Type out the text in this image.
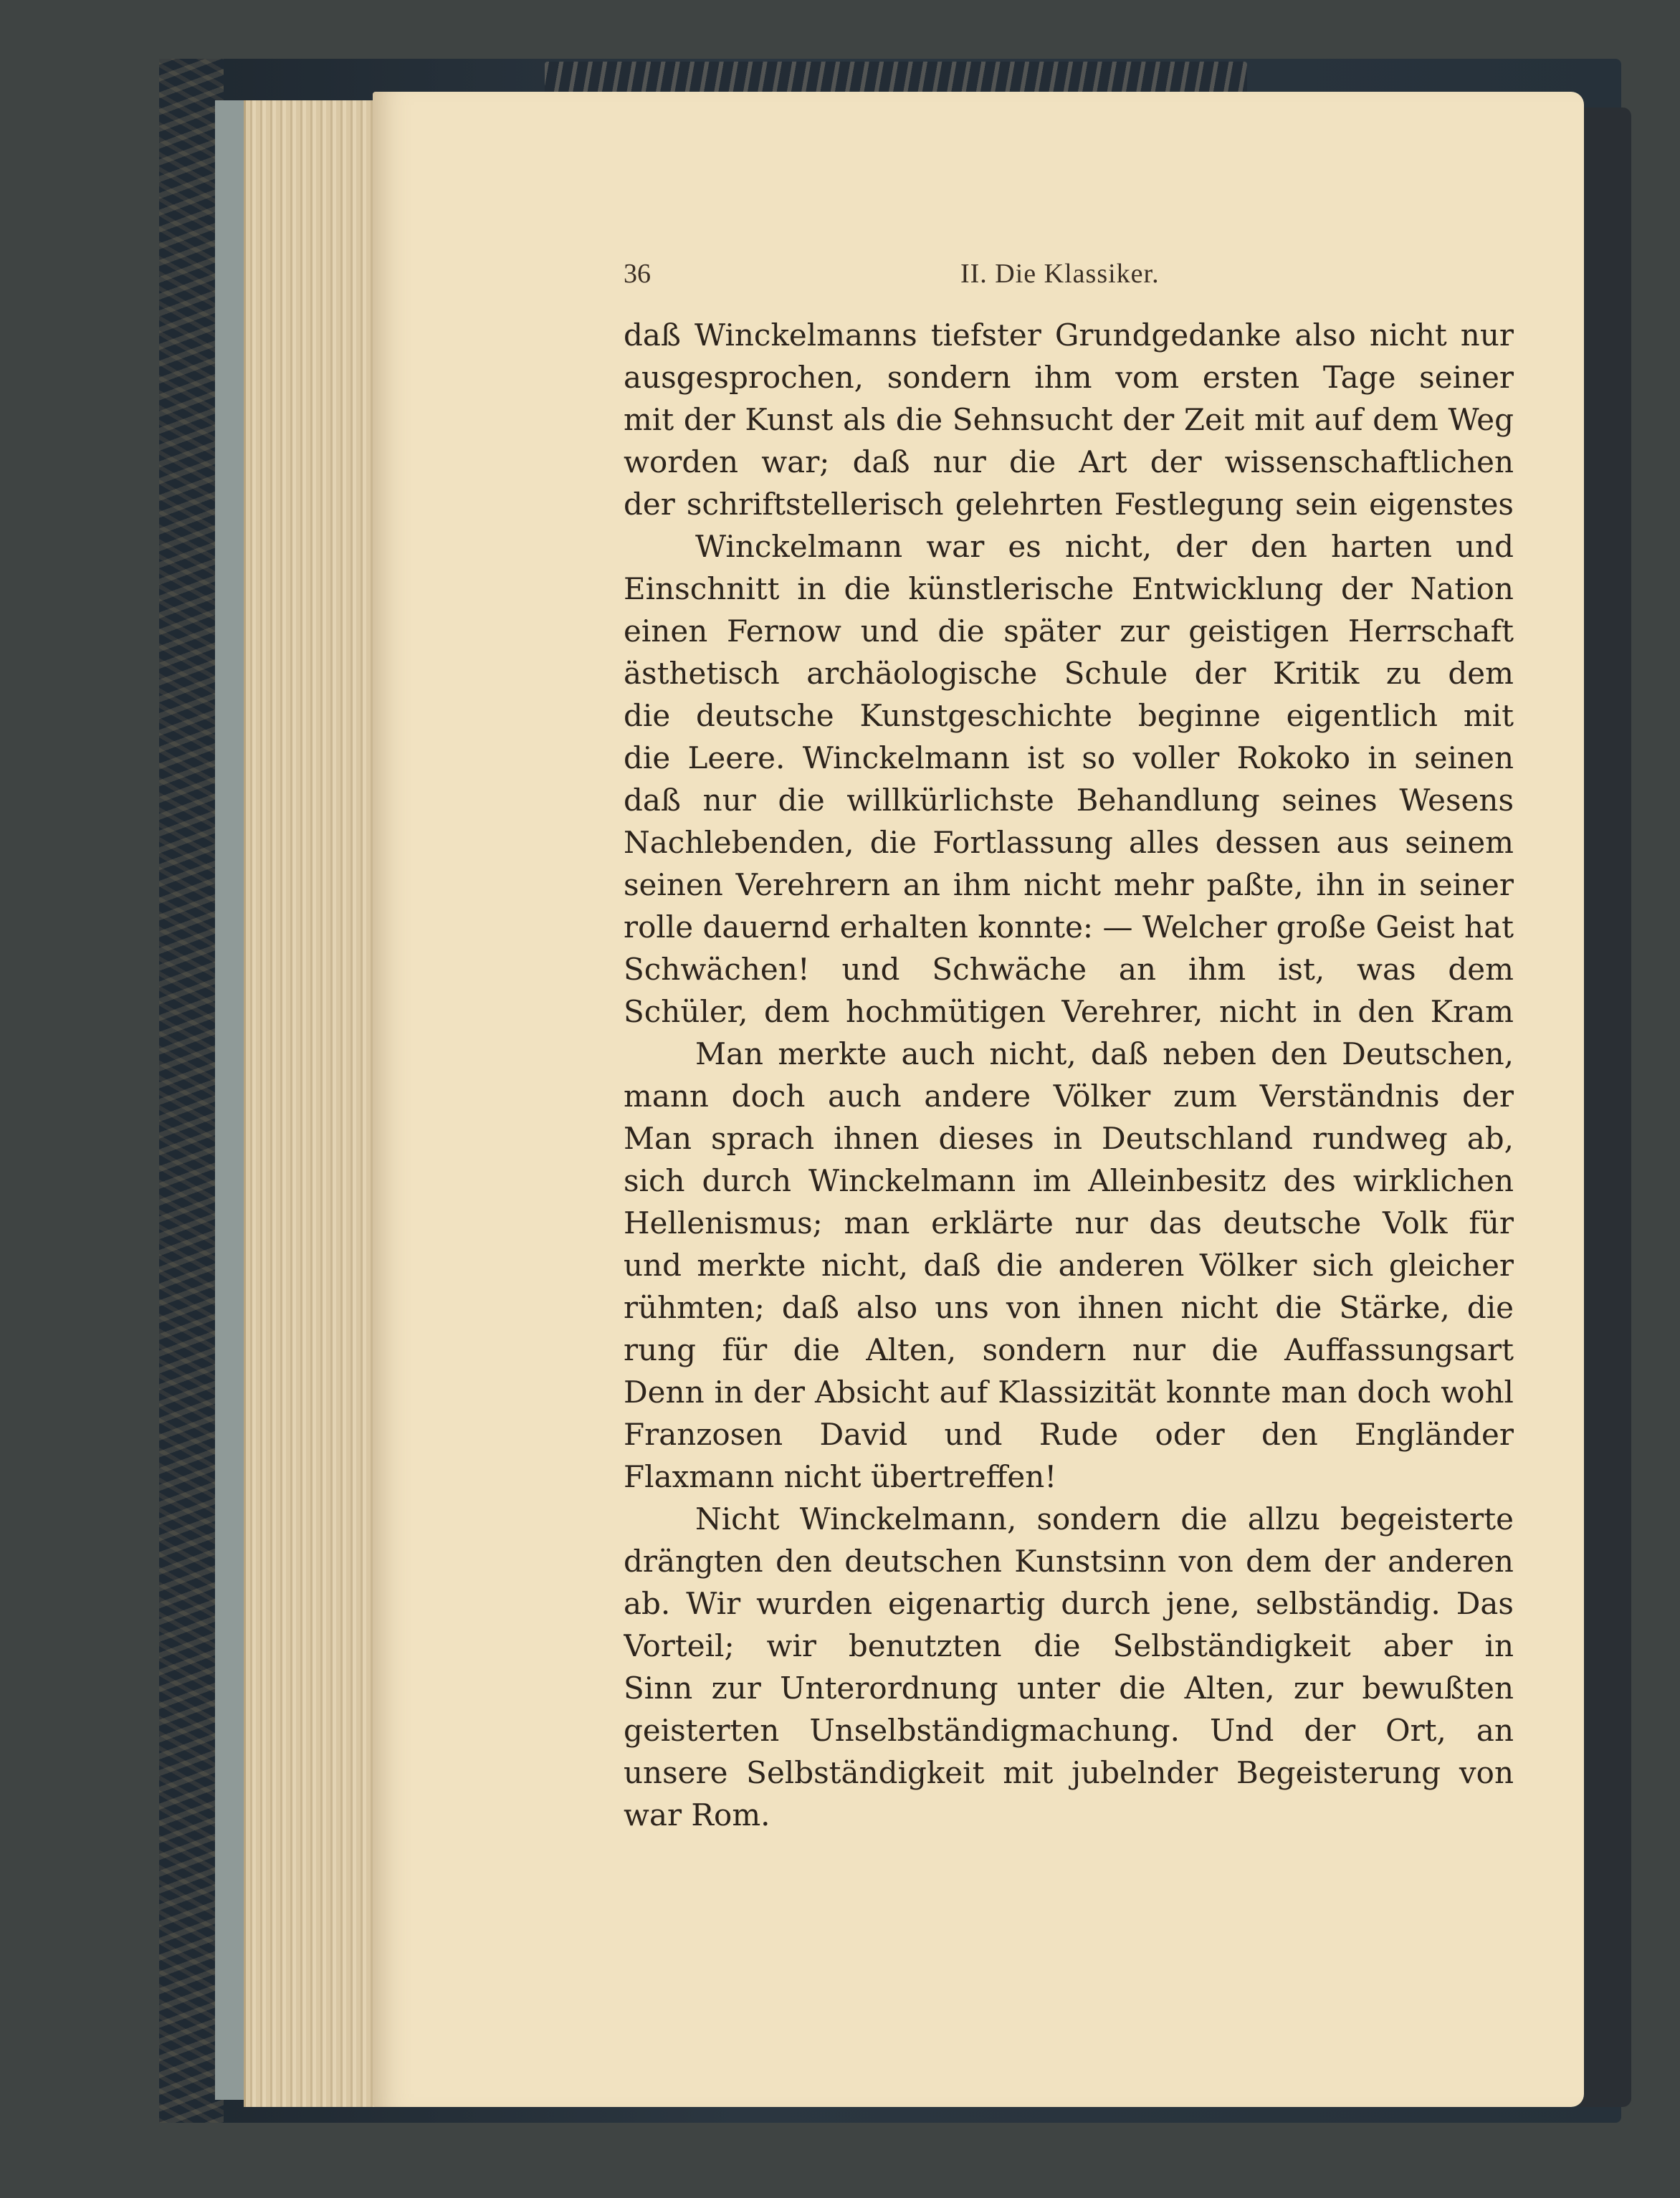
36	II. Die Klassiker.
daß Winckelmanns tiefster Grundgedanke also nicht nur
ausgesprochen, sondern ihm vom ersten Tage seiner
mit der Kunst als die Sehnsucht der Zeit mit auf dem Weg
worden war; daß nur die Art der wissenschaftlichen
der schriftstellerisch gelehrten Festlegung sein eigenstes
Winckelmann war es nicht, der den harten und
Einschnitt in die künstlerische Entwicklung der Nation
einen Fernow und die später zur geistigen Herrschaft
ästhetisch archäologische Schule der Kritik zu dem
die deutsche Kunstgeschichte beginne eigentlich mit
die Leere. Winckelmann ist so voller Rokoko in seinen
daß nur die willkürlichste Behandlung seines Wesens
Nachlebenden, die Fortlassung alles dessen aus seinem
seinen Verehrern an ihm nicht mehr paßte, ihn in seiner
rolle dauernd erhalten konnte: — Welcher große Geist hat
Schwächen! und Schwäche an ihm ist, was dem
Schüler, dem hochmütigen Verehrer, nicht in den Kram
Man merkte auch nicht, daß neben den Deutschen,
mann doch auch andere Völker zum Verständnis der
Man sprach ihnen dieses in Deutschland rundweg ab,
sich durch Winckelmann im Alleinbesitz des wirklichen
Hellenismus; man erklärte nur das deutsche Volk für
und merkte nicht, daß die anderen Völker sich gleicher
rühmten; daß also uns von ihnen nicht die Stärke, die
rung für die Alten, sondern nur die Auffassungsart
Denn in der Absicht auf Klassizität konnte man doch wohl
Franzosen David und Rude oder den Engländer
Flaxmann nicht übertreffen!
Nicht Winckelmann, sondern die allzu begeisterte
drängten den deutschen Kunstsinn von dem der anderen
ab. Wir wurden eigenartig durch jene, selbständig. Das
Vorteil; wir benutzten die Selbständigkeit aber in
Sinn zur Unterordnung unter die Alten, zur bewußten
geisterten Unselbständigmachung. Und der Ort, an
unsere Selbständigkeit mit jubelnder Begeisterung von
war Rom.
